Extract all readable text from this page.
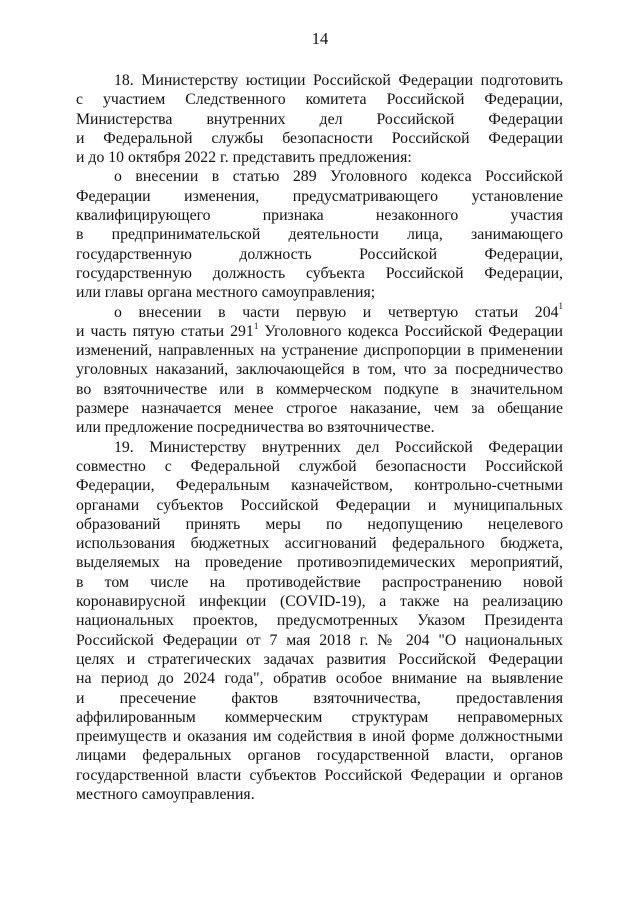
14
18. Министерству юстиции Российской Федерации подготовить
с участием Следственного комитета Российской Федерации,
Министерства внутренних дел Российской Федерации
и Федеральной службы безопасности Российской Федерации
и до 10 октября 2022 г. представить предложения:
о внесении в статью 289 Уголовного кодекса Российской
Федерации изменения, предусматривающего установление
квалифицирующего признака незаконного участия
в предпринимательской деятельности лица, занимающего
государственную должность Российской Федерации,
государственную должность субъекта Российской Федерации,
или главы органа местного самоуправления;
о внесении в части первую и четвертую статьи $204^1$
и часть пятую статьи $291^1$ Уголовного кодекса Российской Федерации
изменений, направленных на устранение диспропорции в применении
уголовных наказаний, заключающейся в том, что за посредничество
во взяточничестве или в коммерческом подкупе в значительном
размере назначается менее строгое наказание, чем за обещание
или предложение посредничества во взяточничестве.
19. Министерству внутренних дел Российской Федерации
совместно с Федеральной службой безопасности Российской
Федерации, Федеральным казначейством, контрольно-счетными
органами субъектов Российской Федерации и муниципальных
образований принять меры по недопущению нецелевого
использования бюджетных ассигнований федерального бюджета,
выделяемых на проведение противоэпидемических мероприятий,
в том числе на противодействие распространению новой
коронавирусной инфекции (COVID-19), а также на реализацию
национальных проектов, предусмотренных Указом Президента
Российской Федерации от 7 мая 2018 г. № 204 "О национальных
целях и стратегических задачах развития Российской Федерации
на период до 2024 года", обратив особое внимание на выявление
и пресечение фактов взяточничества, предоставления
аффилированным коммерческим структурам неправомерных
преимуществ и оказания им содействия в иной форме должностными
лицами федеральных органов государственной власти, органов
государственной власти субъектов Российской Федерации и органов
местного самоуправления.
